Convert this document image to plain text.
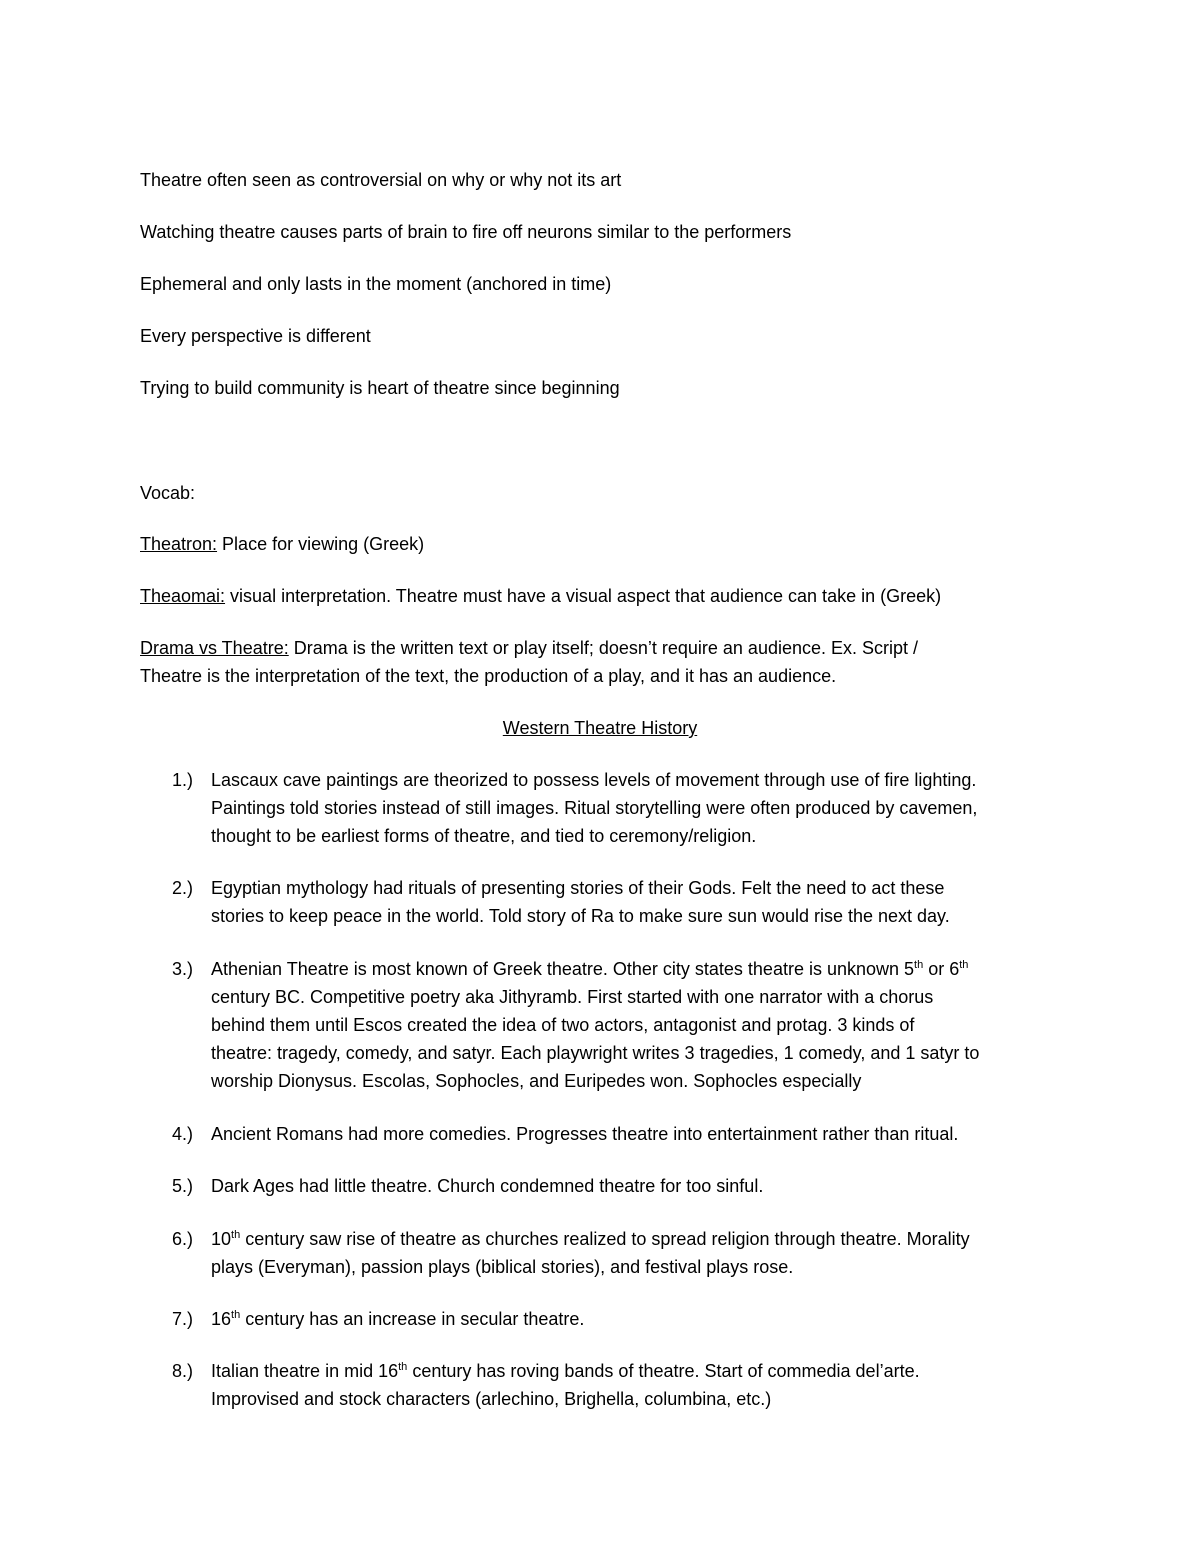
Theatre often seen as controversial on why or why not its art
Watching theatre causes parts of brain to fire off neurons similar to the performers
Ephemeral and only lasts in the moment (anchored in time)
Every perspective is different
Trying to build community is heart of theatre since beginning
Vocab:
Theatron: Place for viewing (Greek)
Theaomai: visual interpretation. Theatre must have a visual aspect that audience can take in (Greek)
Drama vs Theatre: Drama is the written text or play itself; doesn’t require an audience. Ex. Script /
Theatre is the interpretation of the text, the production of a play, and it has an audience.
Western Theatre History
1.) Lascaux cave paintings are theorized to possess levels of movement through use of fire lighting.
Paintings told stories instead of still images. Ritual storytelling were often produced by cavemen,
thought to be earliest forms of theatre, and tied to ceremony/religion.
2.) Egyptian mythology had rituals of presenting stories of their Gods. Felt the need to act these
stories to keep peace in the world. Told story of Ra to make sure sun would rise the next day.
3.) Athenian Theatre is most known of Greek theatre. Other city states theatre is unknown 5th or 6th
century BC. Competitive poetry aka Jithyramb. First started with one narrator with a chorus
behind them until Escos created the idea of two actors, antagonist and protag. 3 kinds of
theatre: tragedy, comedy, and satyr. Each playwright writes 3 tragedies, 1 comedy, and 1 satyr to
worship Dionysus. Escolas, Sophocles, and Euripedes won. Sophocles especially
4.) Ancient Romans had more comedies. Progresses theatre into entertainment rather than ritual.
5.) Dark Ages had little theatre. Church condemned theatre for too sinful.
6.) 10th century saw rise of theatre as churches realized to spread religion through theatre. Morality
plays (Everyman), passion plays (biblical stories), and festival plays rose.
7.) 16th century has an increase in secular theatre.
8.) Italian theatre in mid 16th century has roving bands of theatre. Start of commedia del’arte.
Improvised and stock characters (arlechino, Brighella, columbina, etc.)
